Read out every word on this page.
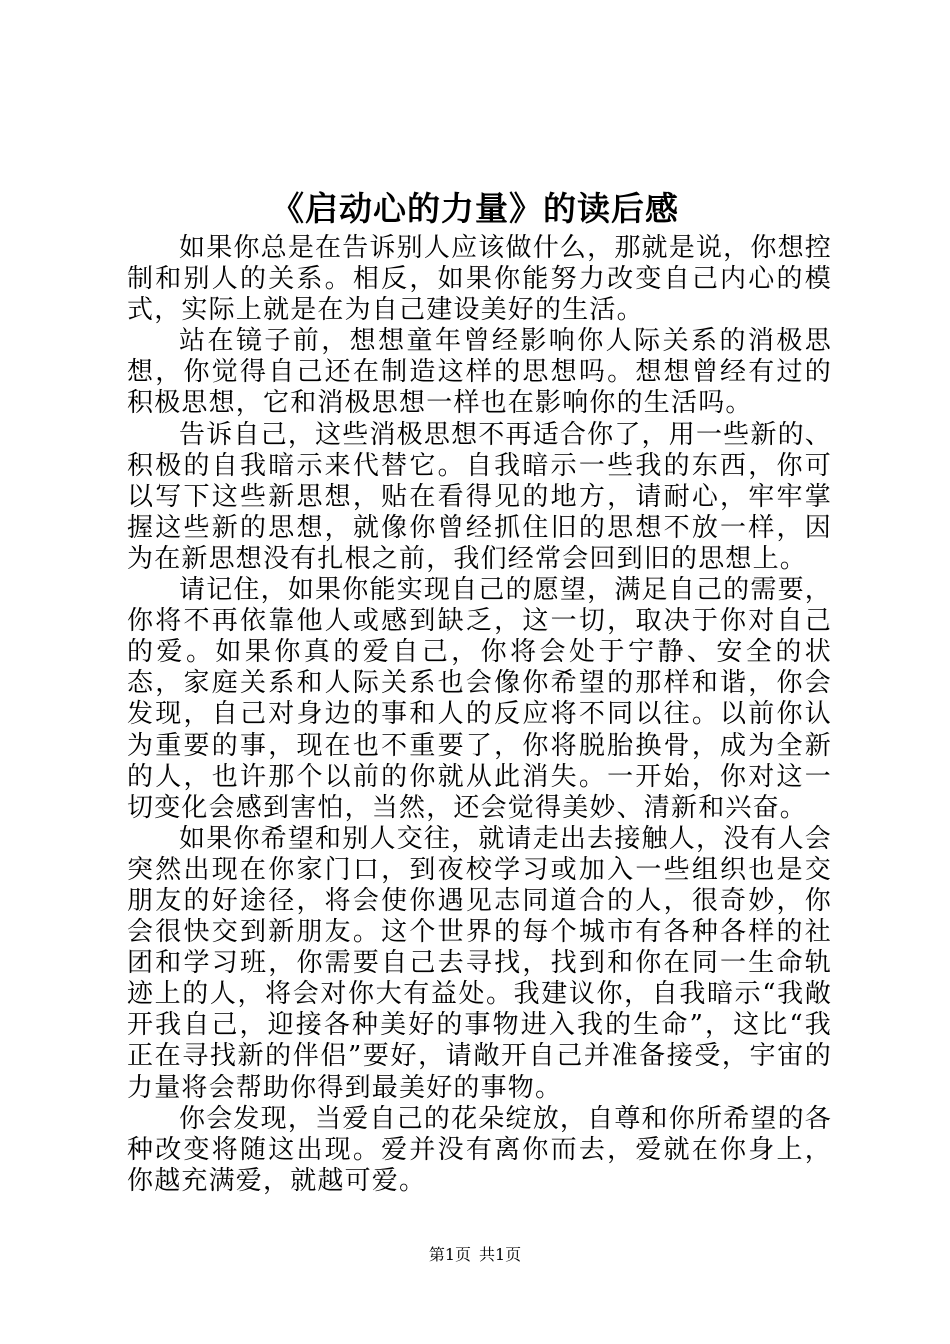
《启动心的力量》的读后感

如果你总是在告诉别人应该做什么，那就是说，你想控制和别人的关系。相反，如果你能努力改变自己内心的模式，实际上就是在为自己建设美好的生活。

站在镜子前，想想童年曾经影响你人际关系的消极思想，你觉得自己还在制造这样的思想吗。想想曾经有过的积极思想，它和消极思想一样也在影响你的生活吗。

告诉自己，这些消极思想不再适合你了，用一些新的、积极的自我暗示来代替它。自我暗示一些我的东西，你可以写下这些新思想，贴在看得见的地方，请耐心，牢牢掌握这些新的思想，就像你曾经抓住旧的思想不放一样，因为在新思想没有扎根之前，我们经常会回到旧的思想上。

请记住，如果你能实现自己的愿望，满足自己的需要，你将不再依靠他人或感到缺乏，这一切，取决于你对自己的爱。如果你真的爱自己，你将会处于宁静、安全的状态，家庭关系和人际关系也会像你希望的那样和谐，你会发现，自己对身边的事和人的反应将不同以往。以前你认为重要的事，现在也不重要了，你将脱胎换骨，成为全新的人，也许那个以前的你就从此消失。一开始，你对这一切变化会感到害怕，当然，还会觉得美妙、清新和兴奋。

如果你希望和别人交往，就请走出去接触人，没有人会突然出现在你家门口，到夜校学习或加入一些组织也是交朋友的好途径，将会使你遇见志同道合的人，很奇妙，你会很快交到新朋友。这个世界的每个城市有各种各样的社团和学习班，你需要自己去寻找，找到和你在同一生命轨迹上的人，将会对你大有益处。我建议你，自我暗示“我敞开我自己，迎接各种美好的事物进入我的生命”，这比“我正在寻找新的伴侣”要好，请敞开自己并准备接受，宇宙的力量将会帮助你得到最美好的事物。

你会发现，当爱自己的花朵绽放，自尊和你所希望的各种改变将随这出现。爱并没有离你而去，爱就在你身上，你越充满爱，就越可爱。

第1页 共1页
